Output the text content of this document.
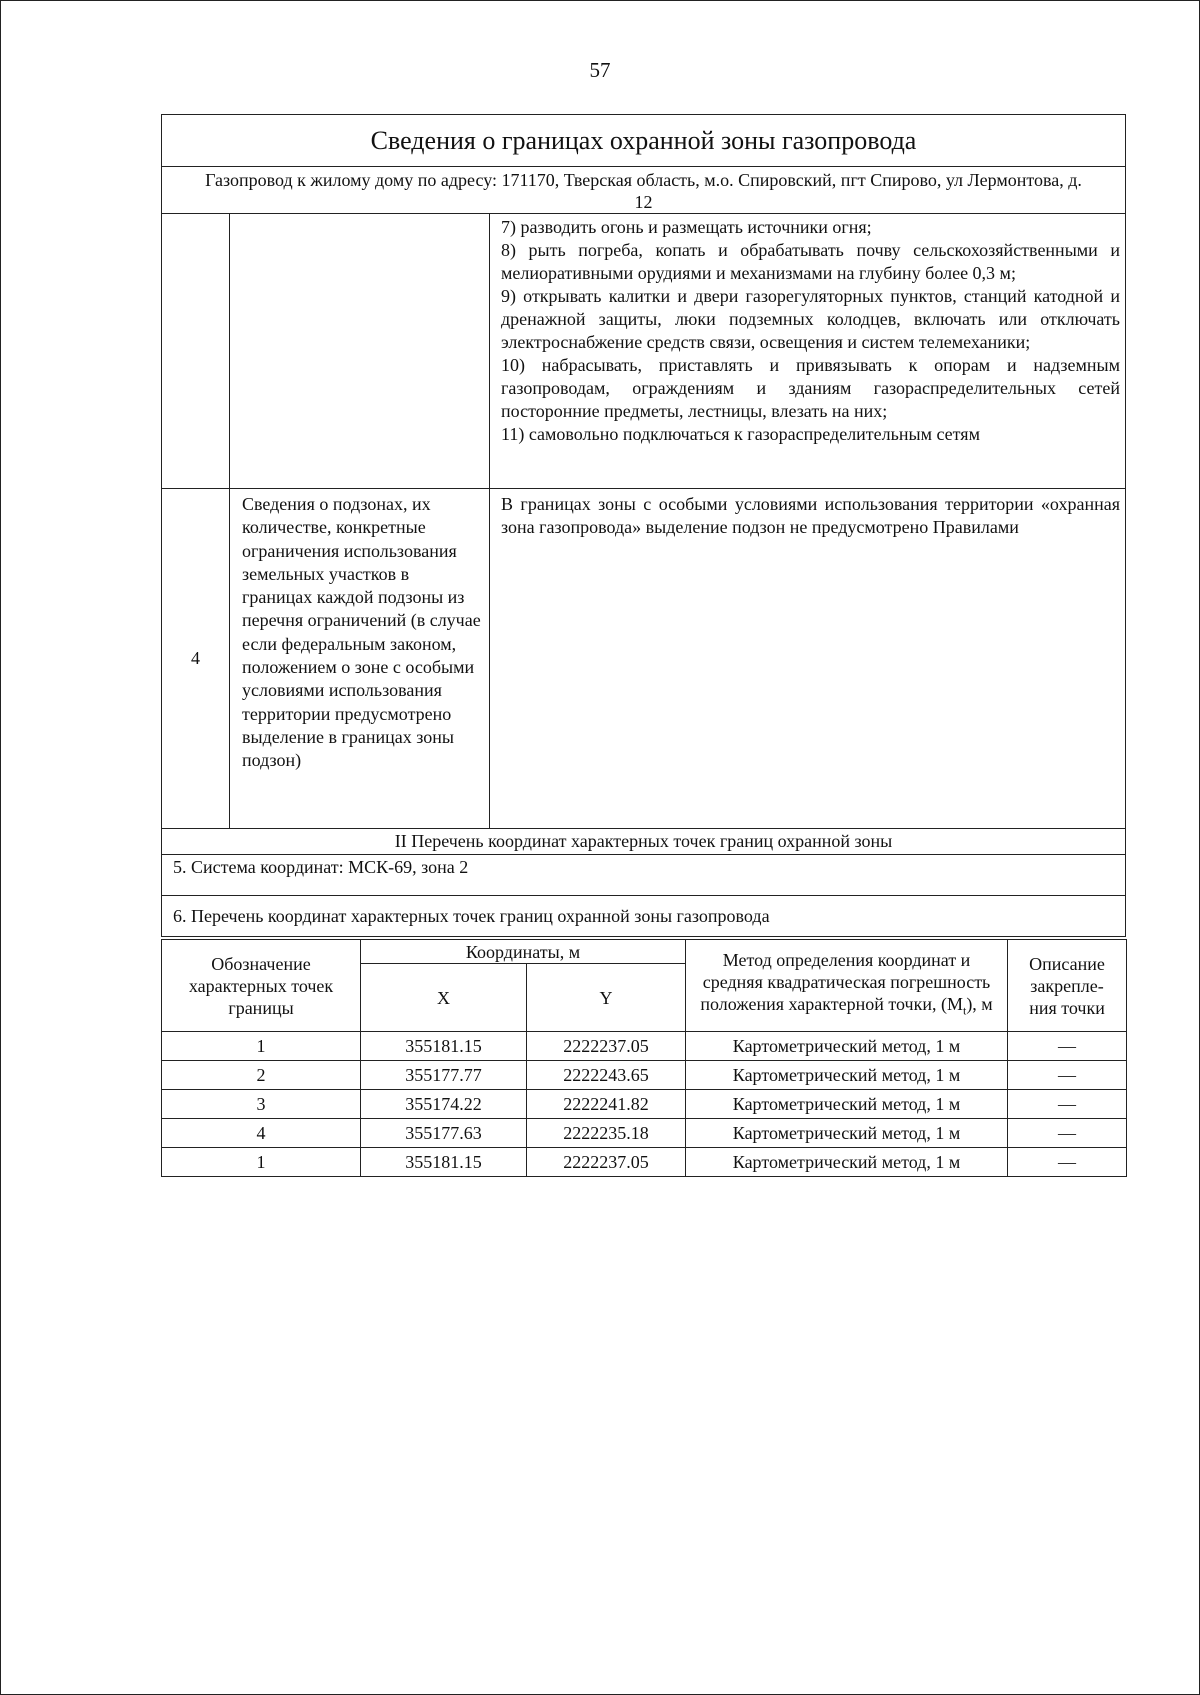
57
Сведения о границах охранной зоны газопровода		
Газопровод к жилому дому по адресу: 171170, Тверская область, м.о. Спировский, пгт Спирово, ул Лермонтова, д. 12		

		7) разводить огонь и размещать источники огня;

8) рыть погреба, копать и обрабатывать почву сельскохозяйственными и мелиоративными орудиями и механизмами на глубину более 0,3 м;

9) открывать калитки и двери газорегуляторных пунктов, станций катодной и дренажной защиты, люки подземных колодцев, включать или отключать электроснабжение средств связи, освещения и систем телемеханики;

10) набрасывать, приставлять и привязывать к опорам и надземным газопроводам, ограждениям и зданиям газораспределительных сетей посторонние предметы, лестницы, влезать на них;

11) самовольно подключаться к газораспределительным сетям

4	Сведения о подзонах, их количестве, конкретные ограничения использования земельных участков в границах каждой подзоны из перечня ограничений (в случае если федеральным законом, положением о зоне с особыми условиями использования территории предусмотрено выделение в границах зоны подзон)	В границах зоны с особыми условиями использования территории «охранная зона газопровода» выделение подзон не предусмотрено Правилами
II Перечень координат характерных точек границ охранной зоны		
5. Система координат: МСК-69, зона 2		
6. Перечень координат характерных точек границ охранной зоны газопровода		
Обозначение характерных точек границы	Координаты, м		Метод определения координат и средняя квадратическая погрешность положения характерной точки, $(M_t)$, м	Описание закрепле-ния точки
	X	Y		
1	355181.15	2222237.05	Картометрический метод, 1 м	—
2	355177.77	2222243.65	Картометрический метод, 1 м	—
3	355174.22	2222241.82	Картометрический метод, 1 м	—
4	355177.63	2222235.18	Картометрический метод, 1 м	—
1	355181.15	2222237.05	Картометрический метод, 1 м	—
